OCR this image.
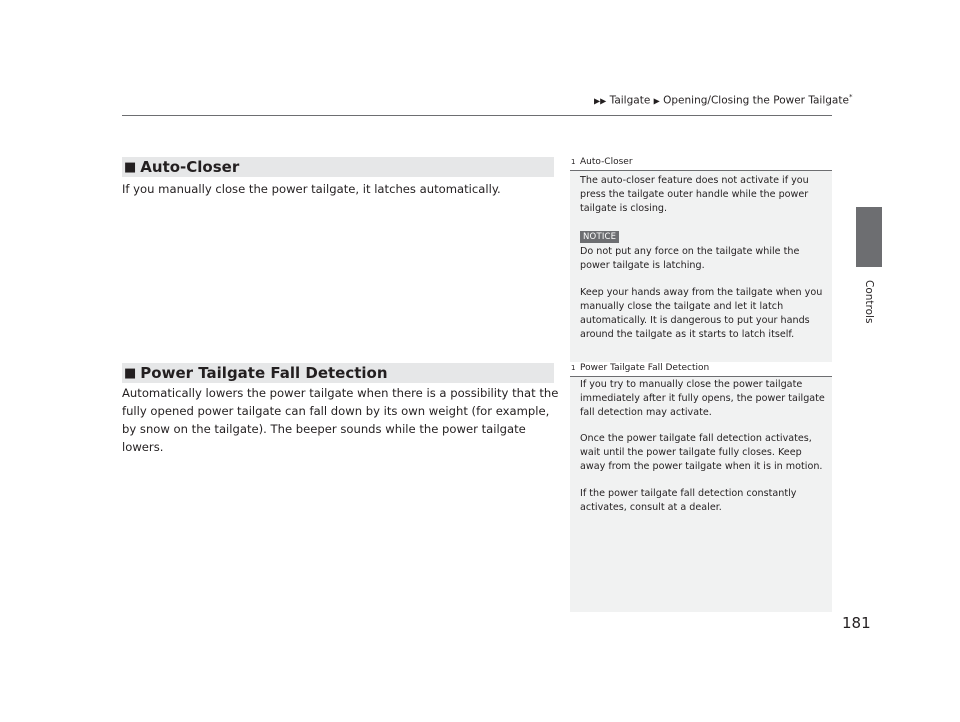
▶▶ Tailgate ▶ Opening/Closing the Power Tailgate*
Controls
■ Auto-Closer
If you manually close the power tailgate, it latches automatically.
■ Power Tailgate Fall Detection
Automatically lowers the power tailgate when there is a possibility that the fully opened power tailgate can fall down by its own weight (for example, by snow on the tailgate). The beeper sounds while the power tailgate lowers.
1 Auto-Closer
The auto-closer feature does not activate if you press the tailgate outer handle while the power tailgate is closing.
NOTICE
Do not put any force on the tailgate while the power tailgate is latching.
Keep your hands away from the tailgate when you manually close the tailgate and let it latch automatically. It is dangerous to put your hands around the tailgate as it starts to latch itself.
1 Power Tailgate Fall Detection
If you try to manually close the power tailgate immediately after it fully opens, the power tailgate fall detection may activate.
Once the power tailgate fall detection activates, wait until the power tailgate fully closes. Keep away from the power tailgate when it is in motion.
If the power tailgate fall detection constantly activates, consult at a dealer.
181
